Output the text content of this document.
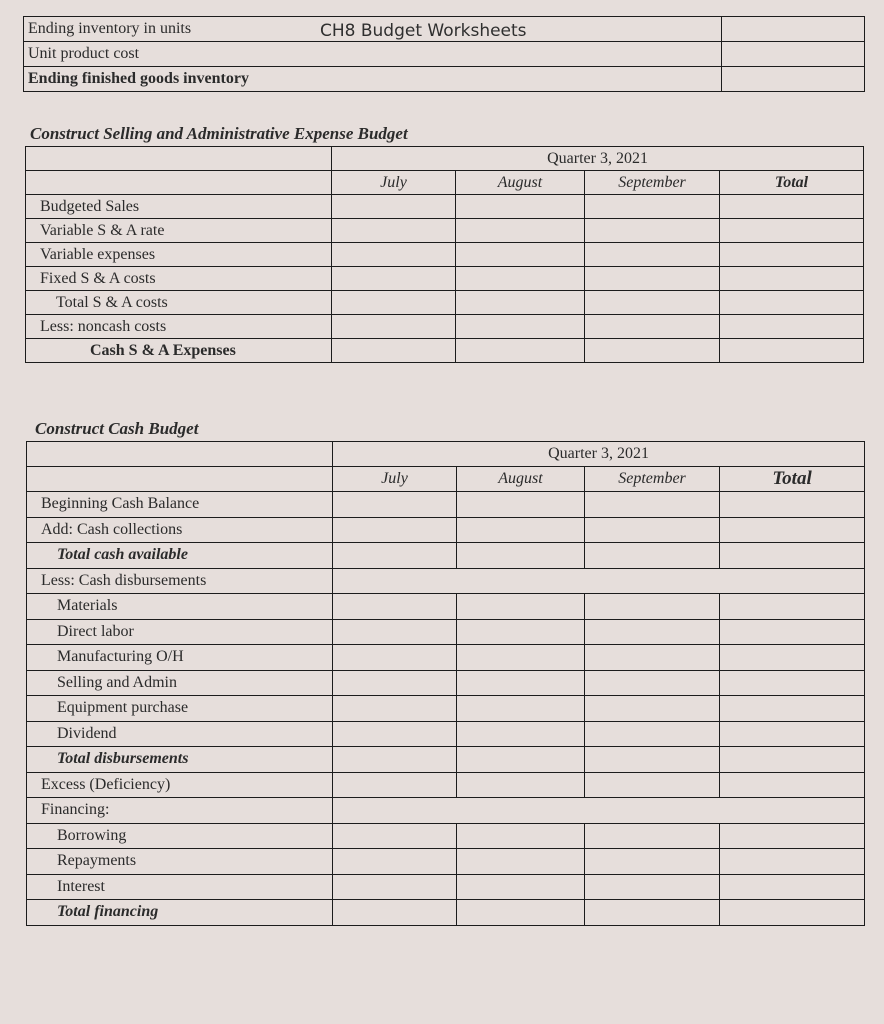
CH8 Budget Worksheets
Ending inventory in units	
Unit product cost	
Ending finished goods inventory	
Construct Selling and Administrative Expense Budget
	Quarter 3, 2021			
	July	August	September	Total
Budgeted Sales				
Variable S & A rate				
Variable expenses				
Fixed S & A costs				
Total S & A costs				
Less: noncash costs				
Cash S & A Expenses				
Construct Cash Budget
	Quarter 3, 2021			
	July	August	September	Total
Beginning Cash Balance				
Add: Cash collections				
Total cash available				
Less: Cash disbursements				
Materials				
Direct labor				
Manufacturing O/H				
Selling and Admin				
Equipment purchase				
Dividend				
Total disbursements				
Excess (Deficiency)				
Financing:				
Borrowing				
Repayments				
Interest				
Total financing				
